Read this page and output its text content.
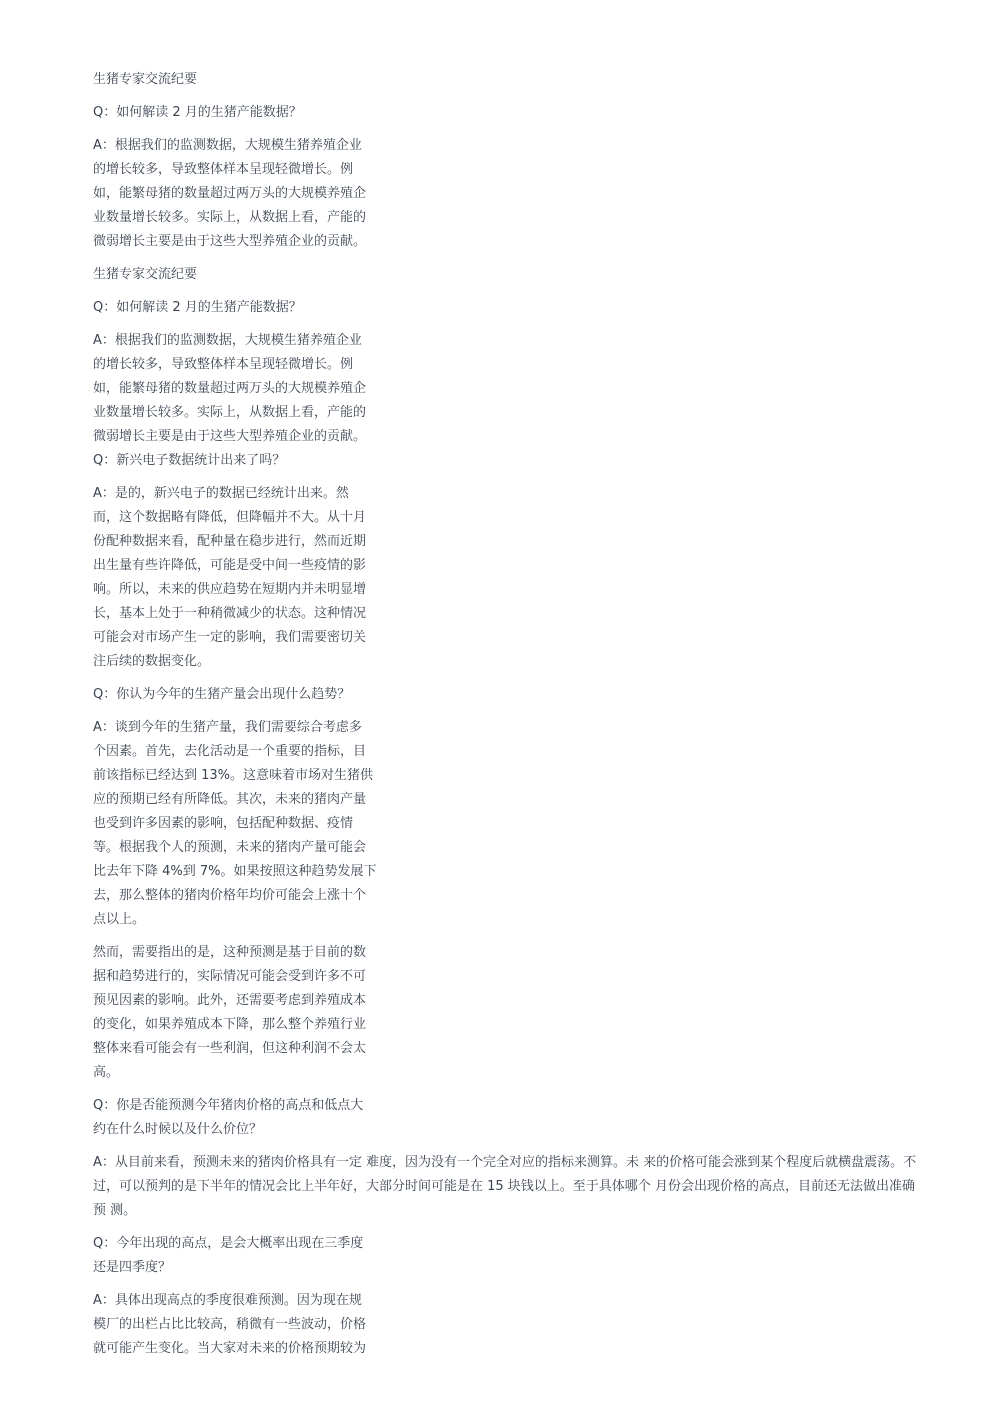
生猪专家交流纪要
Q：如何解读 2 月的生猪产能数据？
A：根据我们的监测数据，大规模生猪养殖企业
的增长较多，导致整体样本呈现轻微增长。例
如，能繁母猪的数量超过两万头的大规模养殖企
业数量增长较多。实际上，从数据上看，产能的
微弱增长主要是由于这些大型养殖企业的贡献。
生猪专家交流纪要
Q：如何解读 2 月的生猪产能数据？
A：根据我们的监测数据，大规模生猪养殖企业
的增长较多，导致整体样本呈现轻微增长。例
如，能繁母猪的数量超过两万头的大规模养殖企
业数量增长较多。实际上，从数据上看，产能的
微弱增长主要是由于这些大型养殖企业的贡献。
Q：新兴电子数据统计出来了吗？
A：是的，新兴电子的数据已经统计出来。然
而，这个数据略有降低，但降幅并不大。从十月
份配种数据来看，配种量在稳步进行，然而近期
出生量有些许降低，可能是受中间一些疫情的影
响。所以，未来的供应趋势在短期内并未明显增
长，基本上处于一种稍微减少的状态。这种情况
可能会对市场产生一定的影响，我们需要密切关
注后续的数据变化。
Q：你认为今年的生猪产量会出现什么趋势？
A：谈到今年的生猪产量，我们需要综合考虑多
个因素。首先，去化活动是一个重要的指标，目
前该指标已经达到 13%。这意味着市场对生猪供
应的预期已经有所降低。其次，未来的猪肉产量
也受到许多因素的影响，包括配种数据、疫情
等。根据我个人的预测，未来的猪肉产量可能会
比去年下降 4%到 7%。如果按照这种趋势发展下
去，那么整体的猪肉价格年均价可能会上涨十个
点以上。
然而，需要指出的是，这种预测是基于目前的数
据和趋势进行的，实际情况可能会受到许多不可
预见因素的影响。此外，还需要考虑到养殖成本
的变化，如果养殖成本下降，那么整个养殖行业
整体来看可能会有一些利润，但这种利润不会太
高。
Q：你是否能预测今年猪肉价格的高点和低点大
约在什么时候以及什么价位？
A：从目前来看，预测未来的猪肉价格具有一定 难度，因为没有一个完全对应的指标来测算。未 来的价格可能会涨到某个程度后就横盘震荡。不
过，可以预判的是下半年的情况会比上半年好，大部分时间可能是在 15 块钱以上。至于具体哪个 月份会出现价格的高点，目前还无法做出准确
预 测。
Q：今年出现的高点，是会大概率出现在三季度
还是四季度？
A：具体出现高点的季度很难预测。因为现在规
模厂的出栏占比比较高，稍微有一些波动，价格
就可能产生变化。当大家对未来的价格预期较为
